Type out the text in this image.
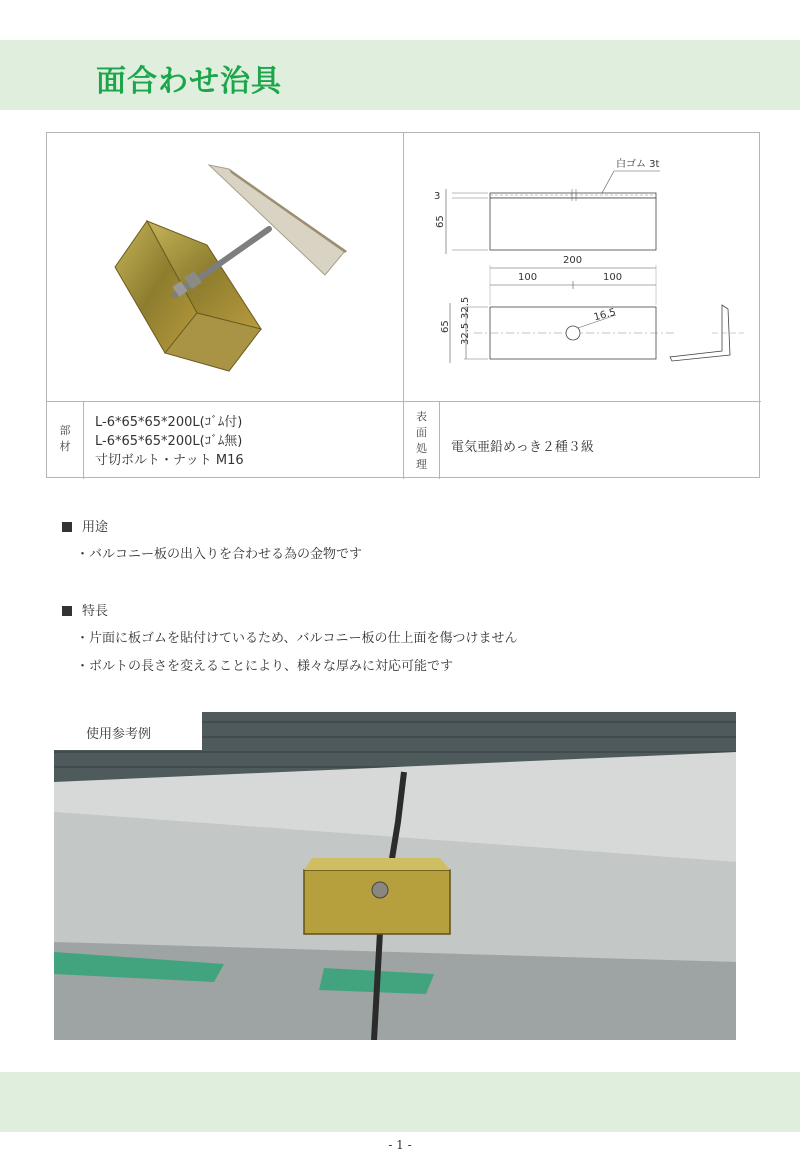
面合わせ治具
白ゴム 3t
3
65
200
100	100
16.5
65
32.5
32.5
部
材
L-6*65*65*200L(ｺﾞﾑ付)
L-6*65*65*200L(ｺﾞﾑ無)
寸切ボルト・ナット M16
表
面
処
理
電気亜鉛めっき２種３級
用途
・バルコニー板の出入りを合わせる為の金物です
特長
・片面に板ゴムを貼付けているため、バルコニー板の仕上面を傷つけません
・ボルトの長さを変えることにより、様々な厚みに対応可能です
使用参考例
- 1 -
